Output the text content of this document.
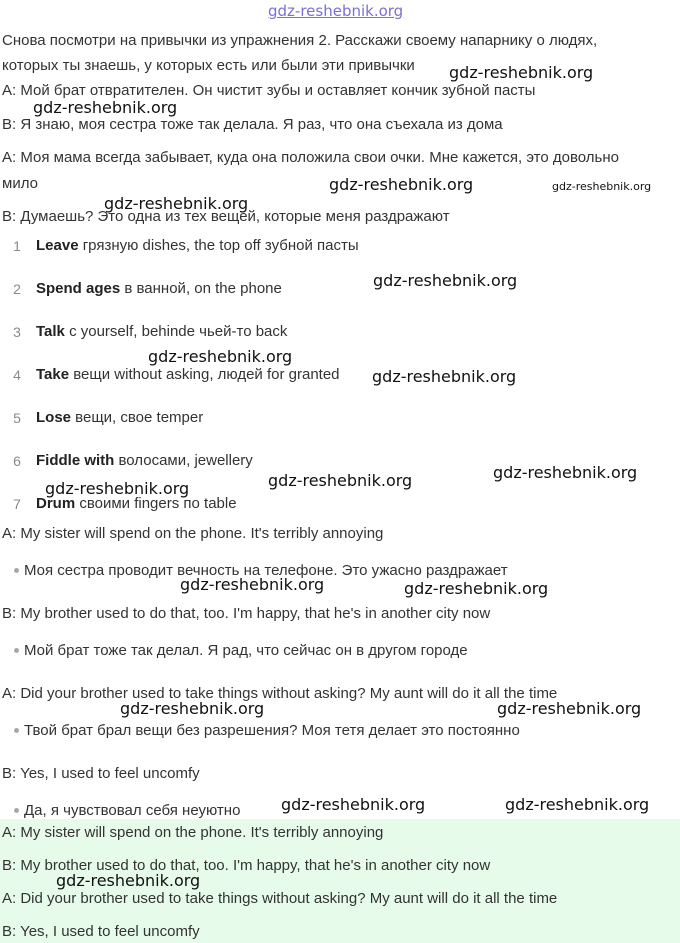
gdz-reshebnik.org
Снова посмотри на привычки из упражнения 2. Расскажи своему напарнику о людях,
которых ты знаешь, у которых есть или были эти привычки
A: Мой брат отвратителен. Он чистит зубы и оставляет кончик зубной пасты
B: Я знаю, моя сестра тоже так делала. Я раз, что она съехала из дома
A: Моя мама всегда забывает, куда она положила свои очки. Мне кажется, это довольно
мило
B: Думаешь? Это одна из тех вещей, которые меня раздражают
1 Leave грязную dishes, the top off зубной пасты
2 Spend ages в ванной, on the phone
3 Talk с yourself, behinde чьей-то back
4 Take вещи without asking, людей for granted
5 Lose вещи, свое temper
6 Fiddle with волосами, jewellery
7 Drum своими fingers по table
A: My sister will spend on the phone. It's terribly annoying
Моя сестра проводит вечность на телефоне. Это ужасно раздражает
B: My brother used to do that, too. I'm happy, that he's in another city now
Мой брат тоже так делал. Я рад, что сейчас он в другом городе
A: Did your brother used to take things without asking? My aunt will do it all the time
Твой брат брал вещи без разрешения? Моя тетя делает это постоянно
B: Yes, I used to feel uncomfy
Да, я чувствовал себя неуютно
A: My sister will spend on the phone. It's terribly annoying
B: My brother used to do that, too. I'm happy, that he's in another city now
A: Did your brother used to take things without asking? My aunt will do it all the time
B: Yes, I used to feel uncomfy
gdz-reshebnik.org
gdz-reshebnik.org
gdz-reshebnik.org	gdz-reshebnik.org
gdz-reshebnik.org
gdz-reshebnik.org
gdz-reshebnik.org
gdz-reshebnik.org
gdz-reshebnik.org
gdz-reshebnik.org
gdz-reshebnik.org
gdz-reshebnik.org	gdz-reshebnik.org
gdz-reshebnik.org	gdz-reshebnik.org
gdz-reshebnik.org	gdz-reshebnik.org
gdz-reshebnik.org
